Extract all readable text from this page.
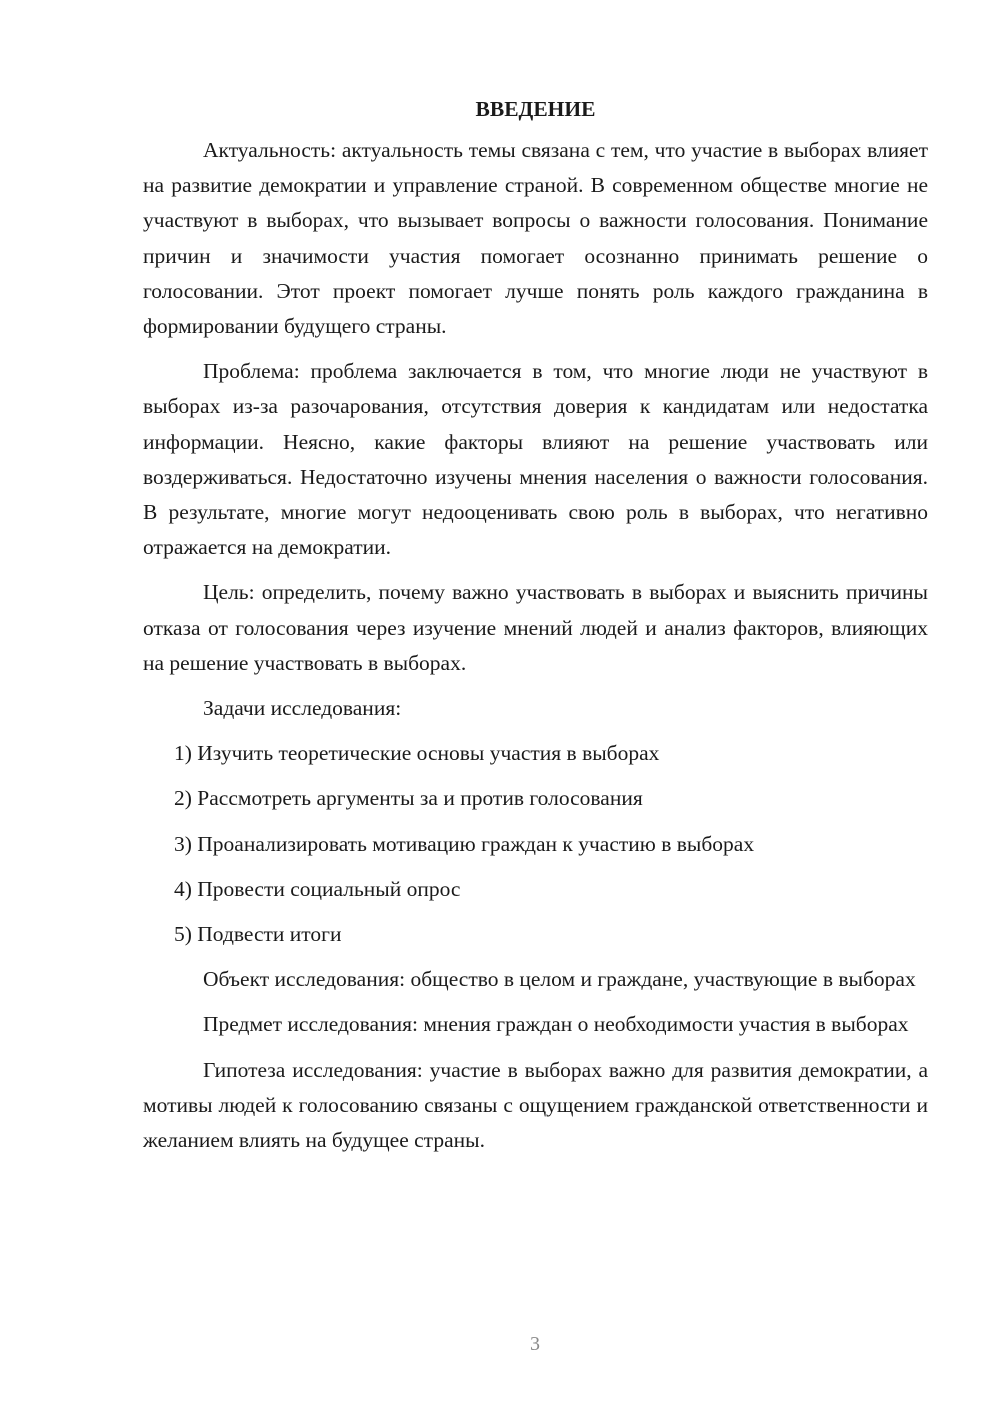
ВВЕДЕНИЕ

Актуальность: актуальность темы связана с тем, что участие в выборах влияет на развитие демократии и управление страной. В современном обществе многие не участвуют в выборах, что вызывает вопросы о важности голосования. Понимание причин и значимости участия помогает осознанно принимать решение о голосовании. Этот проект помогает лучше понять роль каждого гражданина в формировании будущего страны.

Проблема: проблема заключается в том, что многие люди не участвуют в выборах из-за разочарования, отсутствия доверия к кандидатам или недостатка информации. Неясно, какие факторы влияют на решение участвовать или воздерживаться. Недостаточно изучены мнения населения о важности голосования. В результате, многие могут недооценивать свою роль в выборах, что негативно отражается на демократии.

Цель: определить, почему важно участвовать в выборах и выяснить причины отказа от голосования через изучение мнений людей и анализ факторов, влияющих на решение участвовать в выборах.

Задачи исследования:
1) Изучить теоретические основы участия в выборах
2) Рассмотреть аргументы за и против голосования
3) Проанализировать мотивацию граждан к участию в выборах
4) Провести социальный опрос
5) Подвести итоги

Объект исследования: общество в целом и граждане, участвующие в выборах

Предмет исследования: мнения граждан о необходимости участия в выборах

Гипотеза исследования: участие в выборах важно для развития демократии, а мотивы людей к голосованию связаны с ощущением гражданской ответственности и желанием влиять на будущее страны.

3
